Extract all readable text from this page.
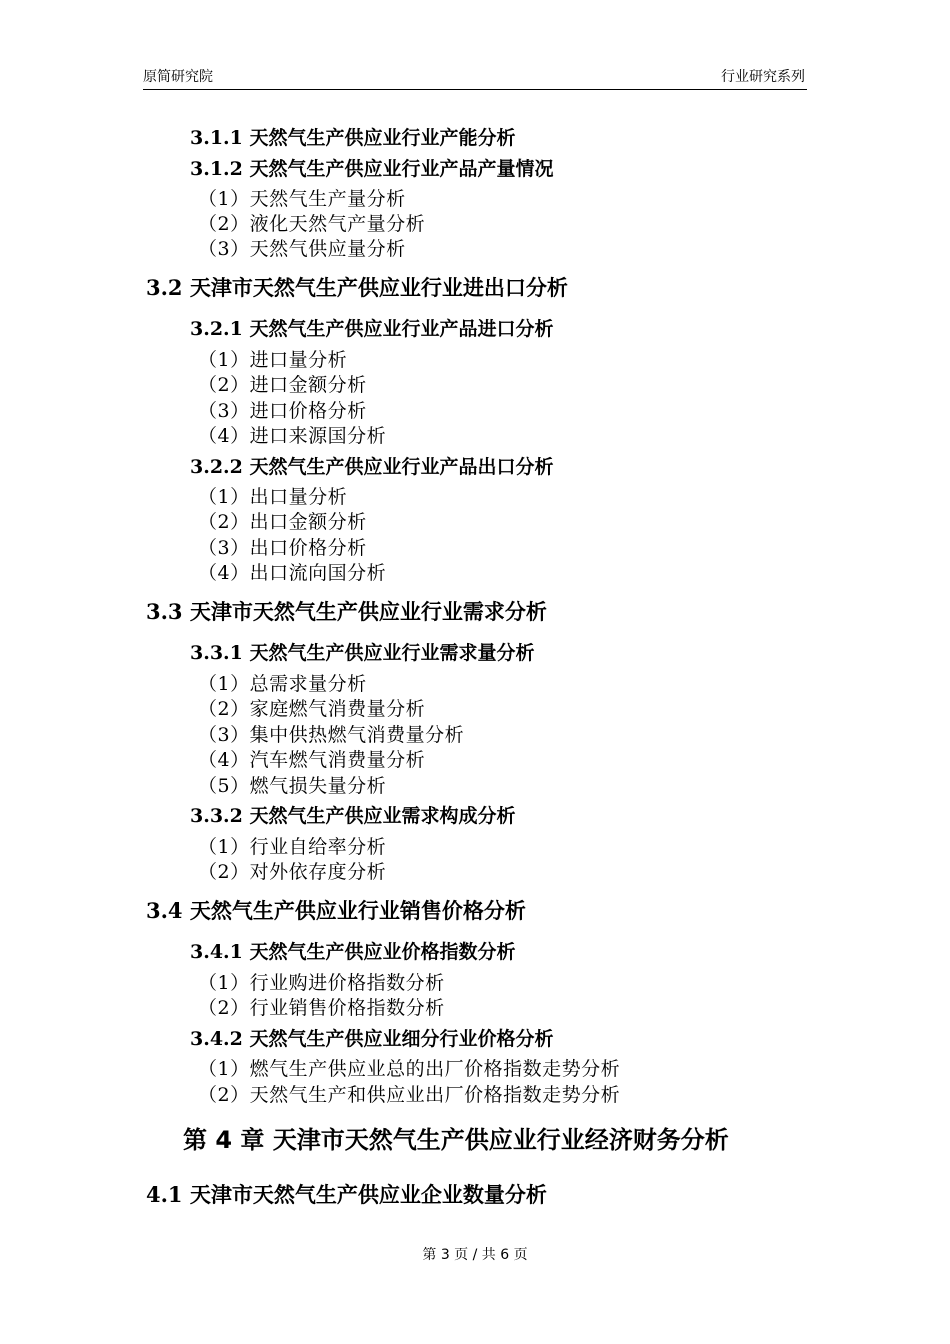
原简研究院	行业研究系列
3.1.1 天然气生产供应业行业产能分析
3.1.2 天然气生产供应业行业产品产量情况
（1）天然气生产量分析
（2）液化天然气产量分析
（3）天然气供应量分析
3.2 天津市天然气生产供应业行业进出口分析
3.2.1 天然气生产供应业行业产品进口分析
（1）进口量分析
（2）进口金额分析
（3）进口价格分析
（4）进口来源国分析
3.2.2 天然气生产供应业行业产品出口分析
（1）出口量分析
（2）出口金额分析
（3）出口价格分析
（4）出口流向国分析
3.3 天津市天然气生产供应业行业需求分析
3.3.1 天然气生产供应业行业需求量分析
（1）总需求量分析
（2）家庭燃气消费量分析
（3）集中供热燃气消费量分析
（4）汽车燃气消费量分析
（5）燃气损失量分析
3.3.2 天然气生产供应业需求构成分析
（1）行业自给率分析
（2）对外依存度分析
3.4 天然气生产供应业行业销售价格分析
3.4.1 天然气生产供应业价格指数分析
（1）行业购进价格指数分析
（2）行业销售价格指数分析
3.4.2 天然气生产供应业细分行业价格分析
（1）燃气生产供应业总的出厂价格指数走势分析
（2）天然气生产和供应业出厂价格指数走势分析
第 4 章 天津市天然气生产供应业行业经济财务分析
4.1 天津市天然气生产供应业企业数量分析
第 3 页 / 共 6 页
